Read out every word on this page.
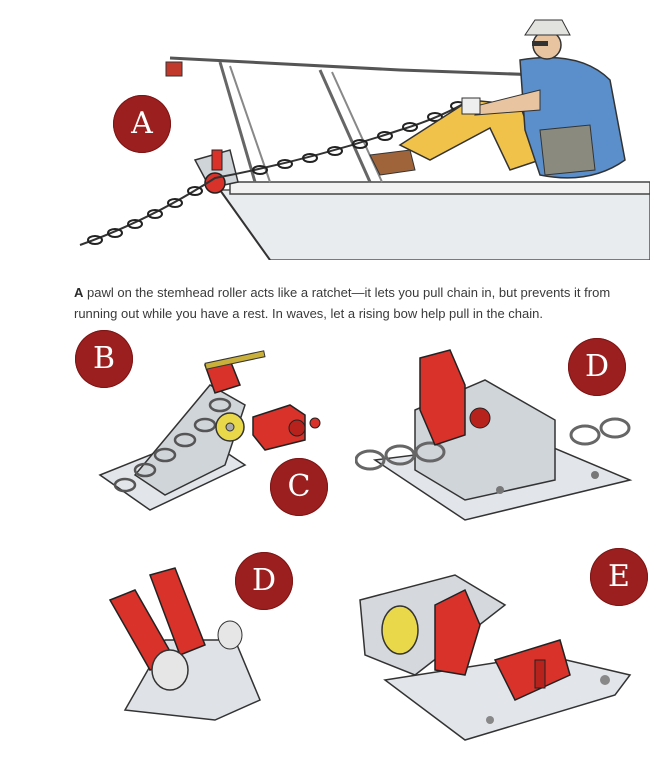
A

A pawl on the stemhead roller acts like a ratchet—it lets you pull chain in, but prevents it from running out while you have a rest. In waves, let a rising bow help pull in the chain.

B
C
D
D	E
